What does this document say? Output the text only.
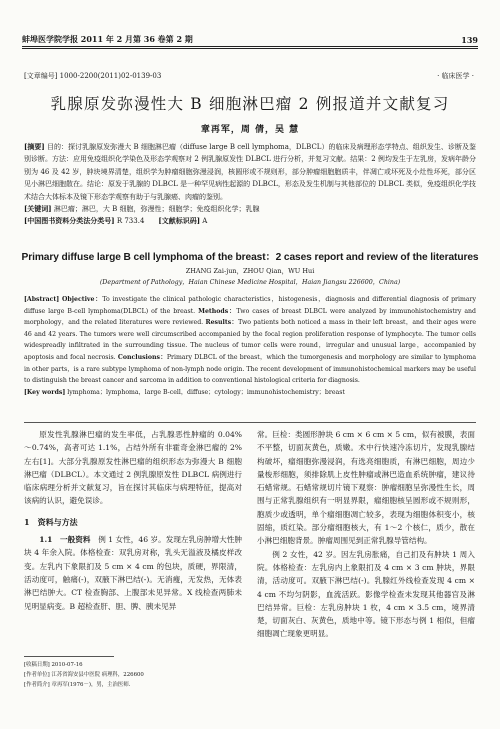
蚌埠医学院学报 2011 年 2 月第 36 卷第 2 期	139
[文章编号] 1000-2200(2011)02-0139-03	· 临床医学 ·
乳腺原发弥漫性大 B 细胞淋巴瘤 2 例报道并文献复习
章再军，周 倩，吴 慧

[摘要] 目的：探讨乳腺原发弥漫大 B 细胞淋巴瘤（diffuse large B cell lymphoma，DLBCL）的临床及病理形态学特点、组织发生、诊断及鉴别诊断。方法：应用免疫组织化学染色及形态学观察对 2 例乳腺原发性 DLBCL 进行分析，并复习文献。结果：2 例均发生于左乳房，发病年龄分别为 46 及 42 岁，肿块境界清楚，组织学为肿瘤细胞弥漫浸润，核圆形或不规则形，部分肿瘤细胞胞质丰，伴凋亡或坏死及小灶性坏死，部分区见小淋巴细胞散在。结论：原发于乳腺的 DLBCL 是一种罕见病性起源的 DLBCL，形态及发生机制与其他部位的 DLBCL 类似，免疫组织化学技术结合大体标本及镜下形态学观察有助于与乳腺癌、肉瘤的鉴别。

[关键词] 淋巴瘤；淋巴，大 B 细胞，弥漫性；细胞学；免疫组织化学；乳腺

[中国图书资料分类法分类号] R 733.4　　 [文献标识码] A

Primary diffuse large B cell lymphoma of the breast：2 cases report and review of the literatures
ZHANG Zai-jun，ZHOU Qian，WU Hui
(Department of Pathology，Haian Chinese Medicine Hospital，Haian Jiangsu 226600，China)

[Abstract] Objective：To investigate the clinical pathologic characteristics，histogenesis，diagnosis and differential diagnosis of primary diffuse large B-cell lymphoma(DLBCL) of the breast. Methods：Two cases of breast DLBCL were analyzed by immunohistochemistry and morphology，and the related literatures were reviewed. Results：Two patients both noticed a mass in their left breast，and their ages were 46 and 42 years. The tumors were well circumscribed accompanied by the focal region proliferation response of lymphocyte. The tumor cells widespreadly infiltrated in the surrounding tissue. The nucleus of tumor cells were round，irregular and unusual large，accompanied by apoptosis and focal necrosis. Conclusions：Primary DLBCL of the breast，which the tumorgenesis and morphology are similar to lymphoma in other parts，is a rare subtype lymphoma of non-lymph node origin. The recent development of immunohistochemical markers may be useful to distinguish the breast cancer and sarcoma in addition to conventional histological criteria for diagnosis.

[Key words] lymphoma；lymphoma，large B-cell，diffuse；cytology；immunohistochemistry；breast

原发性乳腺淋巴瘤的发生率低，占乳腺恶性肿瘤的 0.04% ～0.74%，高者可达 1.1%，占结外所有非霍奇金淋巴瘤的 2% 左右[1]。大部分乳腺原发性淋巴瘤的组织形态为弥漫大 B 细胞淋巴瘤（DLBCL）。本文通过 2 例乳腺原发性 DLBCL 病例进行临床病理分析并文献复习，旨在探讨其临床与病理特征，提高对该病的认识，避免误诊。

1　资料与方法

1.1　一般资料　 例 1 女性，46 岁。发现左乳房肿增大性肿块 4 年余入院。体格检查：双乳房对称，乳头无溢液及橘皮样改变。左乳内下象限扪及 5 cm × 4 cm 的包块，质硬，界限清，活动度可，触痛(-)，双腋下淋巴结(-)。无消瘦，无发热，无体表淋巴结肿大。CT 检查胸部、上腹部未见异常。X 线检查两肺未见明显病变。B 超检查肝、胆、脾、胰未见异

常。巨检：类圆形肿块 6 cm × 6 cm × 5 cm，似有被膜，表面不平整，切面灰黄色，质嫩。术中行快速冷冻切片，发现乳腺结构破坏，瘤细胞弥漫浸润，有选亮细胞质，有淋巴细胞，周边少量梭形细胞，须排除肌上皮性肿瘤或淋巴造血系统肿瘤，建议待石蜡常规。石蜡常规切片镜下观察：肿瘤细胞呈弥漫性生长，周围与正常乳腺组织有一明显界限，瘤细胞核呈圆形或不规则形，胞质少或透明，单个瘤细胞凋亡较多，表现为细胞体积变小，核固缩，质红染。部分瘤细胞核大，有 1～2 个核仁，质少，散在小淋巴细胞背景。肿瘤周围见到正常乳腺导管结构。

例 2 女性，42 岁。因左乳房胀痛，自己扪及有肿块 1 周入院。体格检查：左乳房内上象限扪及 4 cm × 3 cm 肿块，界限清，活动度可。双腋下淋巴结(-)。乳腺红外线检查发现 4 cm × 4 cm 不均匀阴影，血流活跃。影像学检查未发现其他器官及淋巴结异常。巨检：左乳房肿块 1 枚，4 cm × 3.5 cm，境界清楚，切面灰白、灰黄色，质地中等。镜下形态与例 1 相似，但瘤细胞凋亡现象更明显。

[收稿日期] 2010-07-16
[作者单位] 江苏省海安县中医院 病理科，226600
[作者简介] 章再军(1976－)，男，主治医师.
